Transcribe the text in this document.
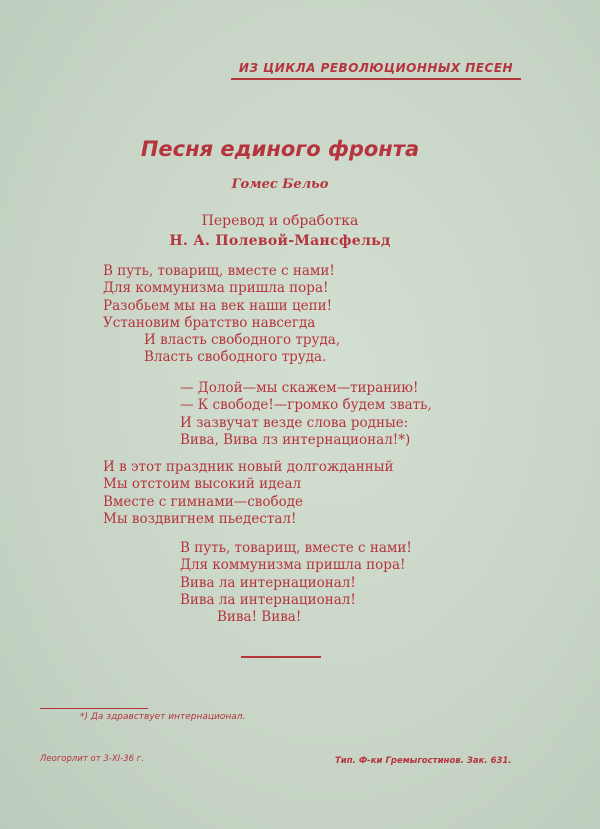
ИЗ ЦИКЛА РЕВОЛЮЦИОННЫХ ПЕСЕН
Песня единого фронта
Гомес Бельо
Перевод и обработка
Н. А. Полевой-Мансфельд
В путь, товарищ, вместе с нами!
Для коммунизма пришла пора!
Разобьем мы на век наши цепи!
Установим братство навсегда
И власть свободного труда,
Власть свободного труда.
— Долой—мы скажем—тиранию!
— К свободе!—громко будем звать,
И зазвучат везде слова родные:
Вива, Вива лз интернационал!*)
И в этот праздник новый долгожданный
Мы отстоим высокий идеал
Вместе с гимнами—свободе
Мы воздвигнем пьедестал!
В путь, товарищ, вместе с нами!
Для коммунизма пришла пора!
Вива ла интернационал!
Вива ла интернационал!
Вива! Вива!
*) Да здравствует интернационал.
Леогорлит от 3-XI-36 г.	Тип. Ф-ки Гремыгостинов. Зак. 631.
